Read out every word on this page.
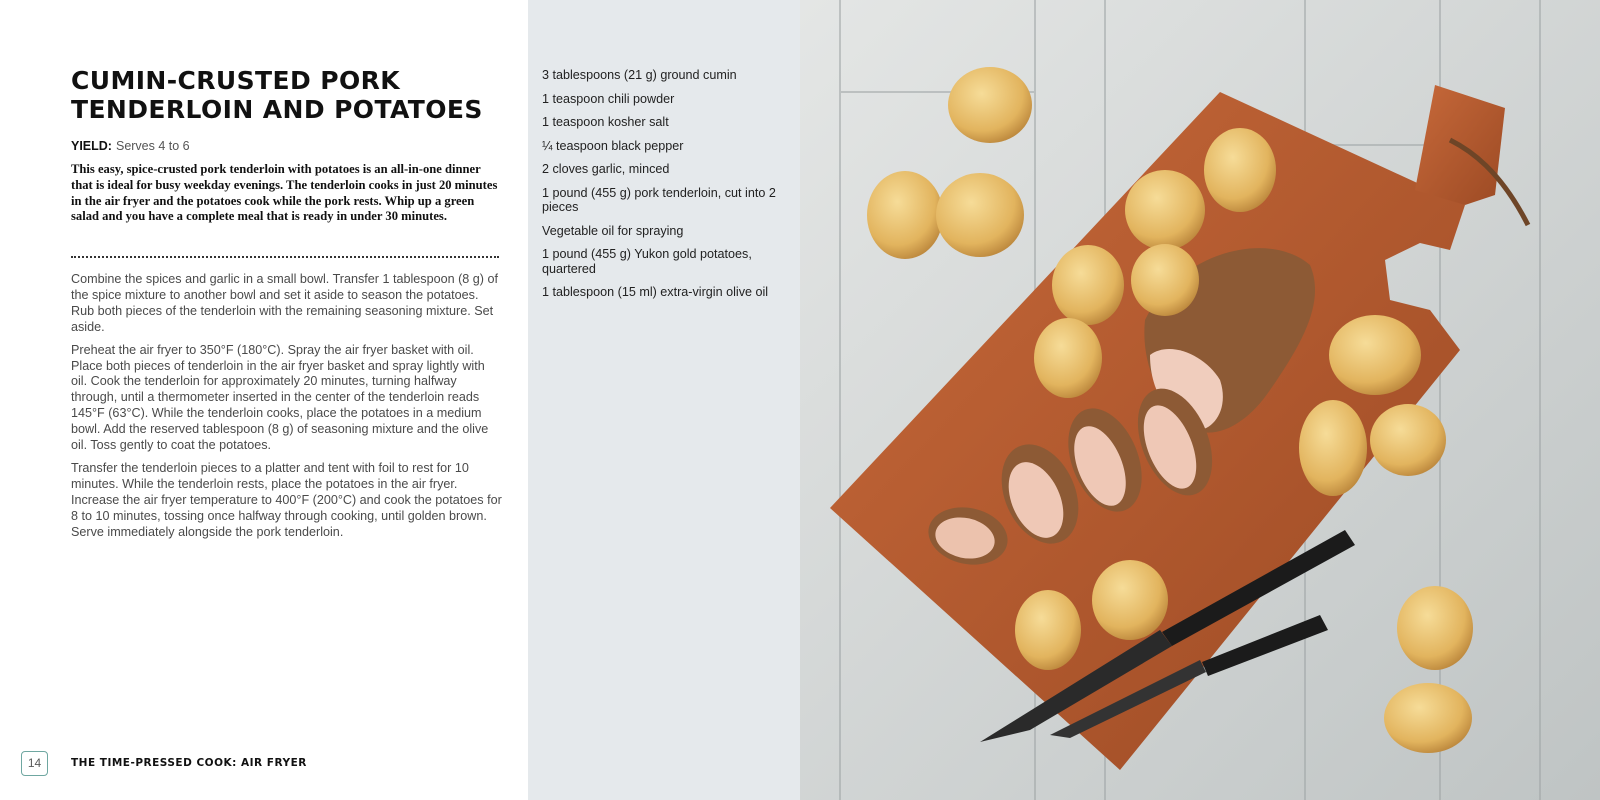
CUMIN-CRUSTED PORK
TENDERLOIN AND POTATOES
YIELD: Serves 4 to 6

This easy, spice-crusted pork tenderloin with potatoes is an all-in-one dinner that is ideal for busy weekday evenings. The tenderloin cooks in just 20 minutes in the air fryer and the potatoes cook while the pork rests. Whip up a green salad and you have a complete meal that is ready in under 30 minutes.

Combine the spices and garlic in a small bowl. Transfer 1 tablespoon (8 g) of the spice mixture to another bowl and set it aside to season the potatoes. Rub both pieces of the tenderloin with the remaining seasoning mixture. Set aside.

Preheat the air fryer to 350°F (180°C). Spray the air fryer basket with oil. Place both pieces of tenderloin in the air fryer basket and spray lightly with oil. Cook the tenderloin for approximately 20 minutes, turning halfway through, until a thermometer inserted in the center of the tenderloin reads 145°F (63°C). While the tenderloin cooks, place the potatoes in a medium bowl. Add the reserved tablespoon (8 g) of seasoning mixture and the olive oil. Toss gently to coat the potatoes.

Transfer the tenderloin pieces to a platter and tent with foil to rest for 10 minutes. While the tenderloin rests, place the potatoes in the air fryer. Increase the air fryer temperature to 400°F (200°C) and cook the potatoes for 8 to 10 minutes, tossing once halfway through cooking, until golden brown. Serve immediately alongside the pork tenderloin.

14	THE TIME-PRESSED COOK: AIR FRYER
3 tablespoons (21 g) ground cumin
1 teaspoon chili powder
1 teaspoon kosher salt
¼ teaspoon black pepper
2 cloves garlic, minced
1 pound (455 g) pork tenderloin, cut into 2 pieces
Vegetable oil for spraying
1 pound (455 g) Yukon gold potatoes, quartered
1 tablespoon (15 ml) extra-virgin olive oil
